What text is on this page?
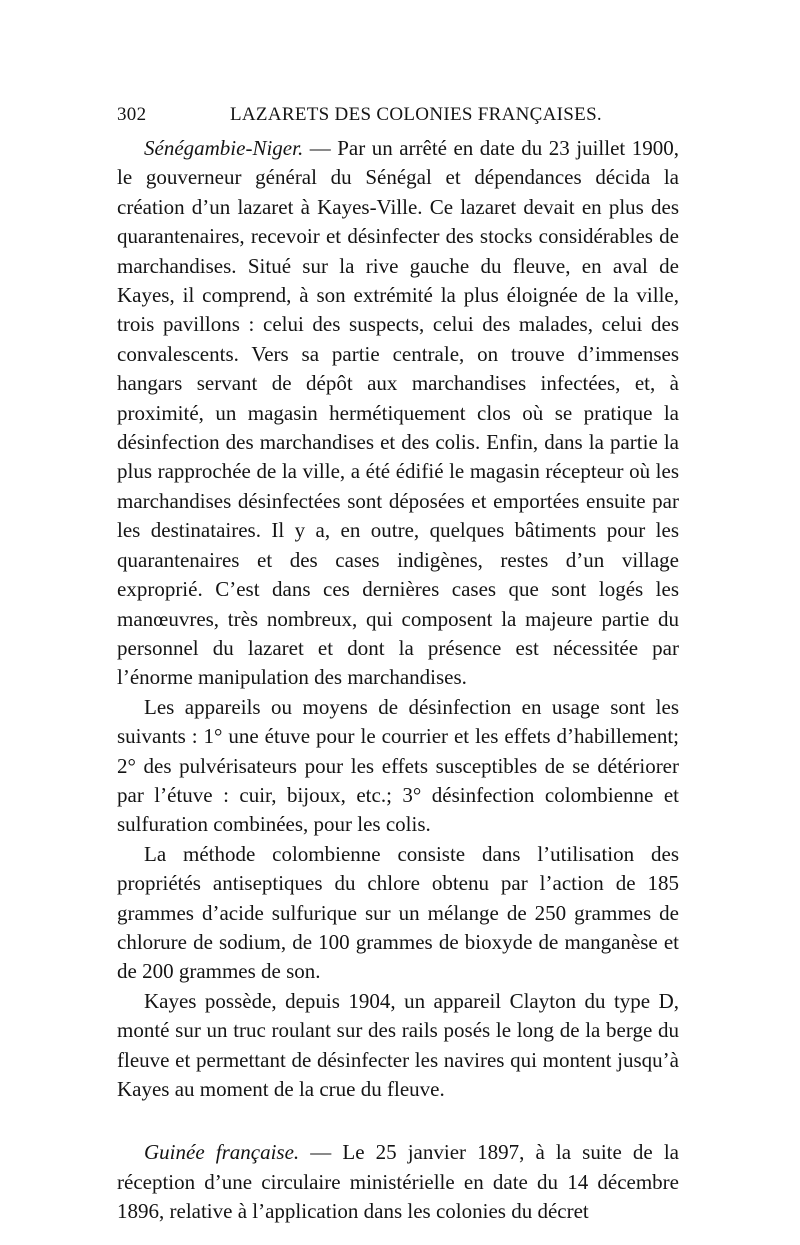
302	LAZARETS DES COLONIES FRANÇAISES.

Sénégambie-Niger. — Par un arrêté en date du 23 juillet 1900, le gouverneur général du Sénégal et dépendances décida la création d’un lazaret à Kayes-Ville. Ce lazaret devait en plus des quarantenaires, recevoir et désinfecter des stocks considérables de marchandises. Situé sur la rive gauche du fleuve, en aval de Kayes, il comprend, à son extrémité la plus éloignée de la ville, trois pavillons : celui des suspects, celui des malades, celui des convalescents. Vers sa partie centrale, on trouve d’immenses hangars servant de dépôt aux marchandises infectées, et, à proximité, un magasin hermétiquement clos où se pratique la désinfection des marchandises et des colis. Enfin, dans la partie la plus rapprochée de la ville, a été édifié le magasin récepteur où les marchandises désinfectées sont déposées et emportées ensuite par les destinataires. Il y a, en outre, quelques bâtiments pour les quarantenaires et des cases indigènes, restes d’un village exproprié. C’est dans ces dernières cases que sont logés les manœuvres, très nombreux, qui composent la majeure partie du personnel du lazaret et dont la présence est nécessitée par l’énorme manipulation des marchandises.

Les appareils ou moyens de désinfection en usage sont les suivants : 1° une étuve pour le courrier et les effets d’habillement; 2° des pulvérisateurs pour les effets susceptibles de se détériorer par l’étuve : cuir, bijoux, etc.; 3° désinfection colombienne et sulfuration combinées, pour les colis.

La méthode colombienne consiste dans l’utilisation des propriétés antiseptiques du chlore obtenu par l’action de 185 grammes d’acide sulfurique sur un mélange de 250 grammes de chlorure de sodium, de 100 grammes de bioxyde de manganèse et de 200 grammes de son.

Kayes possède, depuis 1904, un appareil Clayton du type D, monté sur un truc roulant sur des rails posés le long de la berge du fleuve et permettant de désinfecter les navires qui montent jusqu’à Kayes au moment de la crue du fleuve.

Guinée française. — Le 25 janvier 1897, à la suite de la réception d’une circulaire ministérielle en date du 14 décembre 1896, relative à l’application dans les colonies du décret
